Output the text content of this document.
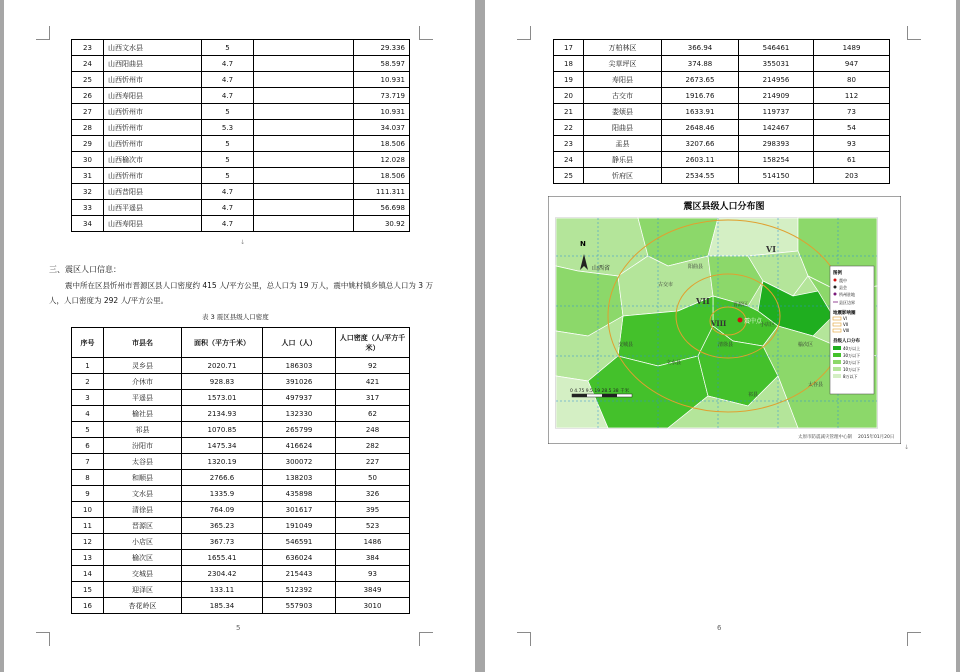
23	山西文水县	5		29.336
24	山西阳曲县	4.7		58.597
25	山西忻州市	4.7		10.931
26	山西寿阳县	4.7		73.719
27	山西忻州市	5		10.931
28	山西忻州市	5.3		34.037
29	山西忻州市	5		18.506
30	山西榆次市	5		12.028
31	山西忻州市	5		18.506
32	山西昔阳县	4.7		111.311
33	山西平遥县	4.7		56.698
34	山西寿阳县	4.7		30.92
↓
三、震区人口信息：
震中所在区县忻州市晋源区县人口密度约 415 人/平方公里，总人口为 19 万人，震中姚村镇乡镇总人口为 3 万人，人口密度为 292 人/平方公里。
表 3 震区县级人口密度
序号	市县名	面积（平方千米）	人口（人）	人口密度（人/平方千米）
1	灵乡县	2020.71	186303	92
2	介休市	928.83	391026	421
3	平遥县	1573.01	497937	317
4	榆社县	2134.93	132330	62
5	祁县	1070.85	265799	248
6	汾阳市	1475.34	416624	282
7	太谷县	1320.19	300072	227
8	和顺县	2766.6	138203	50
9	文水县	1335.9	435898	326
10	清徐县	764.09	301617	395
11	晋源区	365.23	191049	523
12	小店区	367.73	546591	1486
13	榆次区	1655.41	636024	384
14	交城县	2304.42	215443	93
15	迎泽区	133.11	512392	3849
16	杏花岭区	185.34	557903	3010
5
17	万柏林区	366.94	546461	1489
18	尖草坪区	374.88	355031	947
19	寿阳县	2673.65	214956	80
20	古交市	1916.76	214909	112
21	娄烦县	1633.91	119737	73
22	阳曲县	2648.46	142467	54
23	盂县	3207.66	298393	93
24	静乐县	2603.11	158254	61
25	忻府区	2534.55	514150	203
震区县级人口分布图
VI
VII
VIII	震中点
N
山西省	阳曲县
古交市
晋源区
清徐县	榆次区
文水县
太谷县
交城县
祁县
小店区
0 4.75 9.5 19 28.5 38 千米
图例
震中
县会
所州驻地
县区边界
地震影响圈
VI
VII
VIII
县级人口分布
40万以上
30万以下
20万以下
10万以下
8万以下
太原市防震减灾管理中心制 2015年01月20日
↓
6
